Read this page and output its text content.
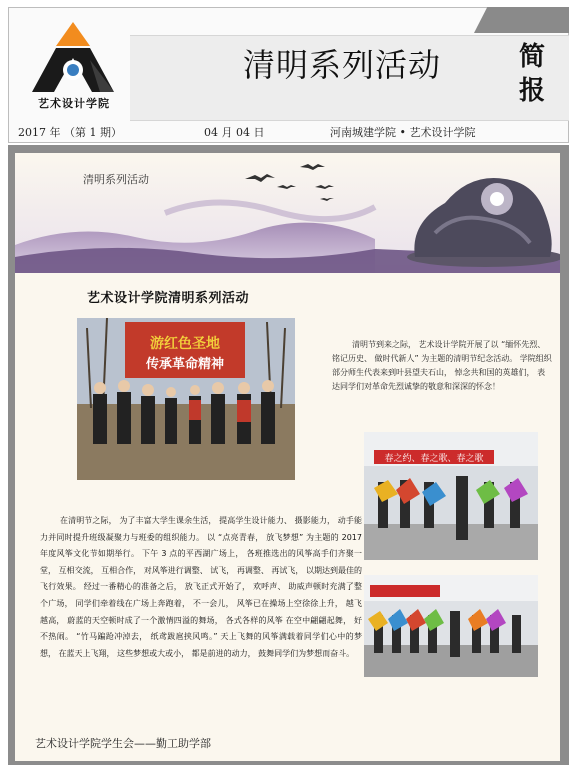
艺术设计学院
清明系列活动	简报
2017 年 （第 1 期）	04 月 04 日	河南城建学院 • 艺术设计学院
清明系列活动
艺术设计学院清明系列活动
游红色圣地
传承革命精神
清明节到来之际， 艺术设计学院开展了以 “缅怀先烈、 铭记历史、 做时代新人” 为主题的清明节纪念活动。 学院组织部分师生代表来到叶县望夫石山， 悼念共和国的英雄们， 表达同学们对革命先烈诚挚的敬意和深深的怀念！
春之约、春之歌、春之歌
在清明节之际， 为了丰富大学生课余生活， 提高学生设计能力、 摄影能力， 动手能力并同时提升班级凝聚力与班委的组织能力。 以 “点亮青春， 放飞梦想” 为主题的 2017 年度风筝文化节如期举行。 下午 3 点的平西湖广场上， 各班推选出的风筝高手们齐聚一堂， 互相交流， 互相合作， 对风筝进行调整、 试飞， 再调整、 再试飞， 以期达到最佳的飞行效果。 经过一番精心的准备之后， 放飞正式开始了， 欢呼声、 助威声顿时充满了整个广场， 同学们牵着线在广场上奔跑着， 不一会儿， 风筝已在操场上空徐徐上升， 越飞越高， 蔚蓝的天空顿时成了一个激情四溢的舞场， 各式各样的风筝 在空中翩翩起舞， 好不热闹。 “竹马蹁跄冲淖去， 纸鸢跋扈挟风鸣。” 天上飞舞的风筝满载着同学们心中的梦想， 在蓝天上飞翔， 这些梦想或大或小， 都是前进的动力， 鼓舞同学们为梦想而奋斗。
艺术设计学院学生会——勤工助学部
